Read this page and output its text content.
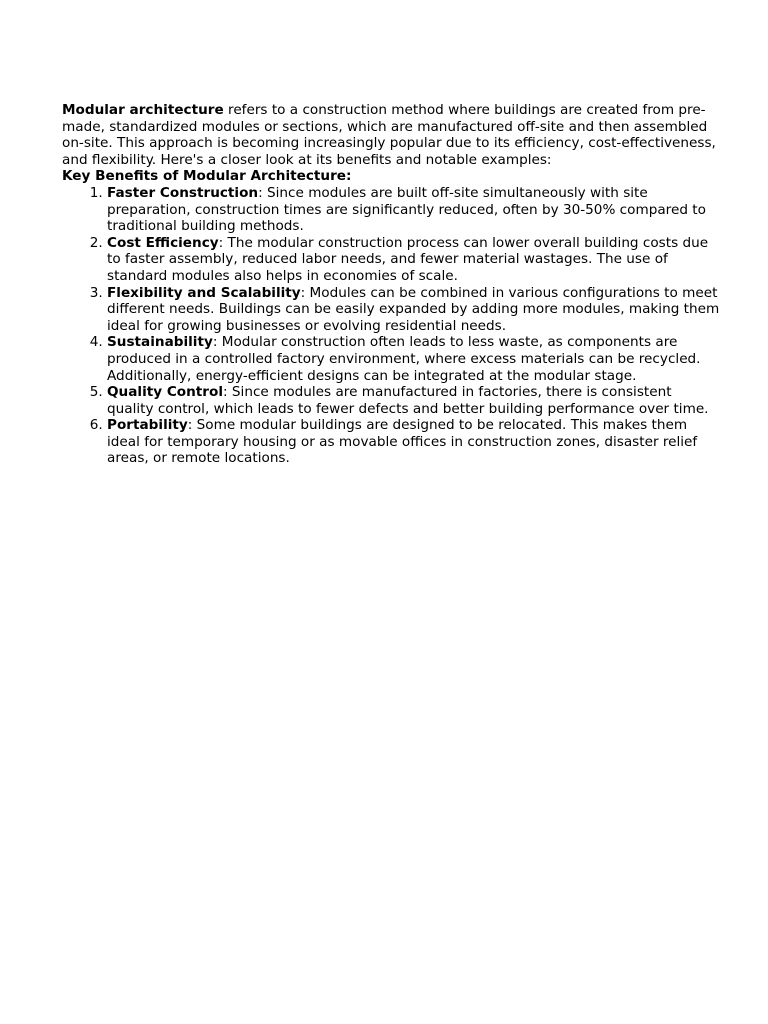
Modular architecture refers to a construction method where buildings are created from pre-made, standardized modules or sections, which are manufactured off-site and then assembled on-site. This approach is becoming increasingly popular due to its efficiency, cost-effectiveness, and flexibility. Here's a closer look at its benefits and notable examples:

Key Benefits of Modular Architecture:
1. Faster Construction: Since modules are built off-site simultaneously with site preparation, construction times are significantly reduced, often by 30-50% compared to traditional building methods.
2. Cost Efficiency: The modular construction process can lower overall building costs due to faster assembly, reduced labor needs, and fewer material wastages. The use of standard modules also helps in economies of scale.
3. Flexibility and Scalability: Modules can be combined in various configurations to meet different needs. Buildings can be easily expanded by adding more modules, making them ideal for growing businesses or evolving residential needs.
4. Sustainability: Modular construction often leads to less waste, as components are produced in a controlled factory environment, where excess materials can be recycled. Additionally, energy-efficient designs can be integrated at the modular stage.
5. Quality Control: Since modules are manufactured in factories, there is consistent quality control, which leads to fewer defects and better building performance over time.
6. Portability: Some modular buildings are designed to be relocated. This makes them ideal for temporary housing or as movable offices in construction zones, disaster relief areas, or remote locations.
